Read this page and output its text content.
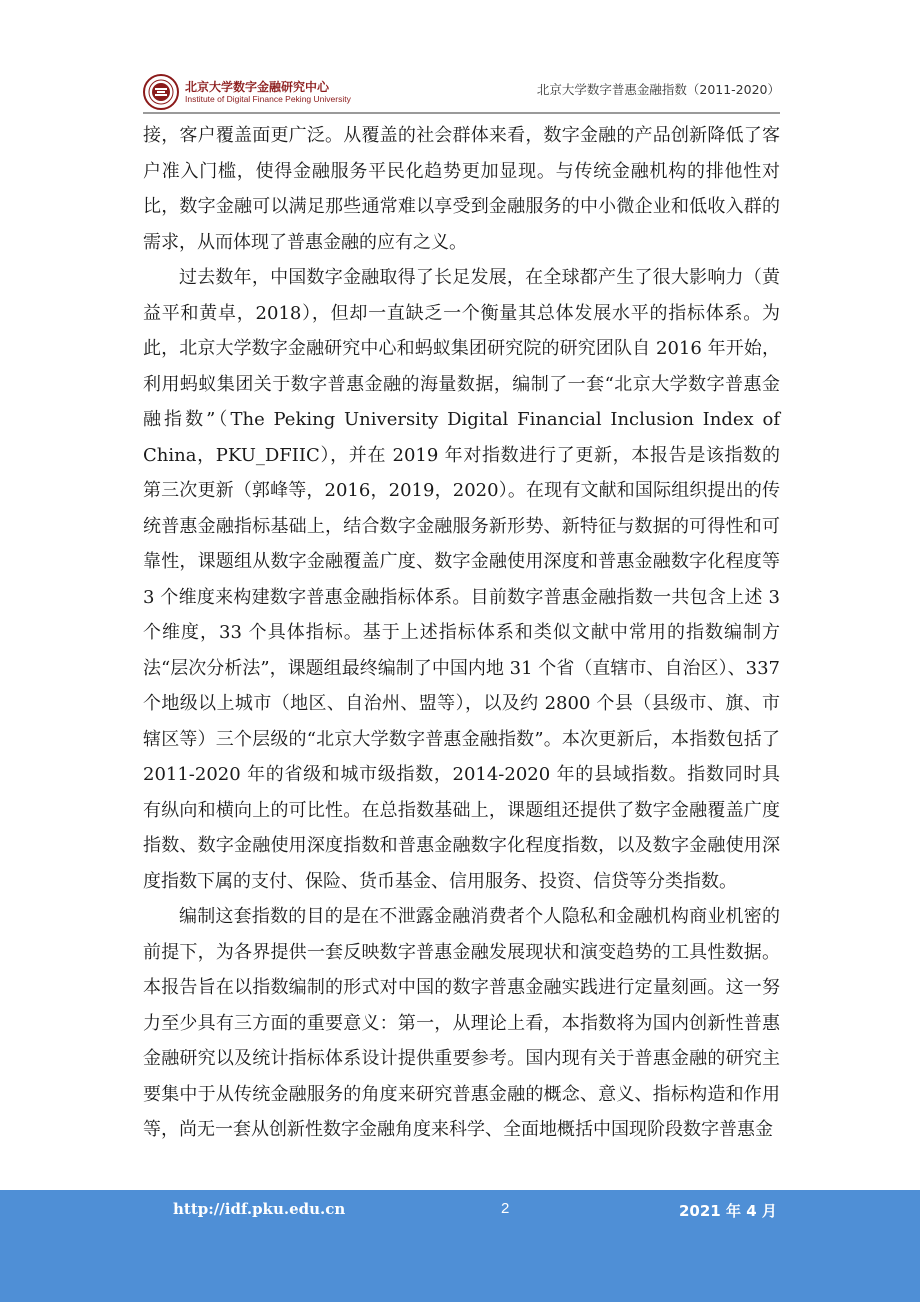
北京大学数字金融研究中心
Institute of Digital Finance Peking University
北京大学数字普惠金融指数（2011-2020）

接，客户覆盖面更广泛。从覆盖的社会群体来看，数字金融的产品创新降低了客户准入门槛，使得金融服务平民化趋势更加显现。与传统金融机构的排他性对比，数字金融可以满足那些通常难以享受到金融服务的中小微企业和低收入群的需求，从而体现了普惠金融的应有之义。

过去数年，中国数字金融取得了长足发展，在全球都产生了很大影响力（黄益平和黄卓，2018），但却一直缺乏一个衡量其总体发展水平的指标体系。为此，北京大学数字金融研究中心和蚂蚁集团研究院的研究团队自 2016 年开始，利用蚂蚁集团关于数字普惠金融的海量数据，编制了一套“北京大学数字普惠金融指数”（The Peking University Digital Financial Inclusion Index of China，PKU_DFIIC），并在 2019 年对指数进行了更新，本报告是该指数的第三次更新（郭峰等，2016，2019，2020）。在现有文献和国际组织提出的传统普惠金融指标基础上，结合数字金融服务新形势、新特征与数据的可得性和可靠性，课题组从数字金融覆盖广度、数字金融使用深度和普惠金融数字化程度等 3 个维度来构建数字普惠金融指标体系。目前数字普惠金融指数一共包含上述 3 个维度，33 个具体指标。基于上述指标体系和类似文献中常用的指数编制方法“层次分析法”，课题组最终编制了中国内地 31 个省（直辖市、自治区）、337 个地级以上城市（地区、自治州、盟等），以及约 2800 个县（县级市、旗、市辖区等）三个层级的“北京大学数字普惠金融指数”。本次更新后，本指数包括了 2011-2020 年的省级和城市级指数，2014-2020 年的县域指数。指数同时具有纵向和横向上的可比性。在总指数基础上，课题组还提供了数字金融覆盖广度指数、数字金融使用深度指数和普惠金融数字化程度指数，以及数字金融使用深度指数下属的支付、保险、货币基金、信用服务、投资、信贷等分类指数。

编制这套指数的目的是在不泄露金融消费者个人隐私和金融机构商业机密的前提下，为各界提供一套反映数字普惠金融发展现状和演变趋势的工具性数据。本报告旨在以指数编制的形式对中国的数字普惠金融实践进行定量刻画。这一努力至少具有三方面的重要意义：第一，从理论上看，本指数将为国内创新性普惠金融研究以及统计指标体系设计提供重要参考。国内现有关于普惠金融的研究主要集中于从传统金融服务的角度来研究普惠金融的概念、意义、指标构造和作用等，尚无一套从创新性数字金融角度来科学、全面地概括中国现阶段数字普惠金

http://idf.pku.edu.cn	2	2021 年 4 月
